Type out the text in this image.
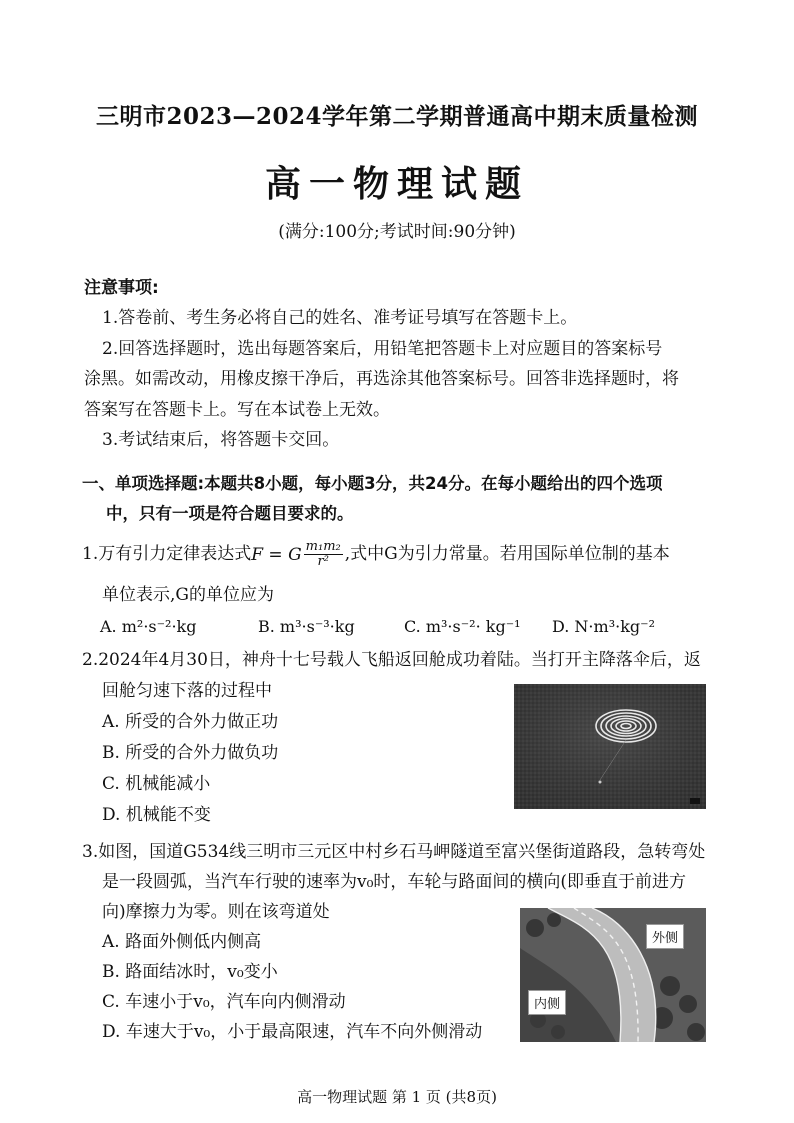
三明市2023—2024学年第二学期普通高中期末质量检测
高一物理试题
(满分:100分;考试时间:90分钟)
注意事项:
1.答卷前、考生务必将自己的姓名、准考证号填写在答题卡上。
2.回答选择题时，选出每题答案后，用铅笔把答题卡上对应题目的答案标号
涂黑。如需改动，用橡皮擦干净后，再选涂其他答案标号。回答非选择题时，将
答案写在答题卡上。写在本试卷上无效。
3.考试结束后，将答题卡交回。
一、单项选择题:本题共8小题，每小题3分，共24分。在每小题给出的四个选项
中，只有一项是符合题目要求的。
1.万有引力定律表达式F = G $\frac{\text{m₁m₂}}{\text{r²}}$ ,式中G为引力常量。若用国际单位制的基本
单位表示,G的单位应为
A. m²·s⁻²·kg	B. m³·s⁻³·kg	C. m³·s⁻²· kg⁻¹ D. N·m³·kg⁻²
2.2024年4月30日，神舟十七号载人飞船返回舱成功着陆。当打开主降落伞后，返
回舱匀速下落的过程中
A. 所受的合外力做正功
B. 所受的合外力做负功
C. 机械能减小
D. 机械能不变
3.如图，国道G534线三明市三元区中村乡石马岬隧道至富兴堡街道路段，急转弯处
是一段圆弧，当汽车行驶的速率为v₀时，车轮与路面间的横向(即垂直于前进方
向)摩擦力为零。则在该弯道处
A. 路面外侧低内侧高
B. 路面结冰时，v₀变小
C. 车速小于v₀，汽车向内侧滑动
D. 车速大于v₀，小于最高限速，汽车不向外侧滑动
外侧
内侧
高一物理试题 第 1 页 (共8页)
